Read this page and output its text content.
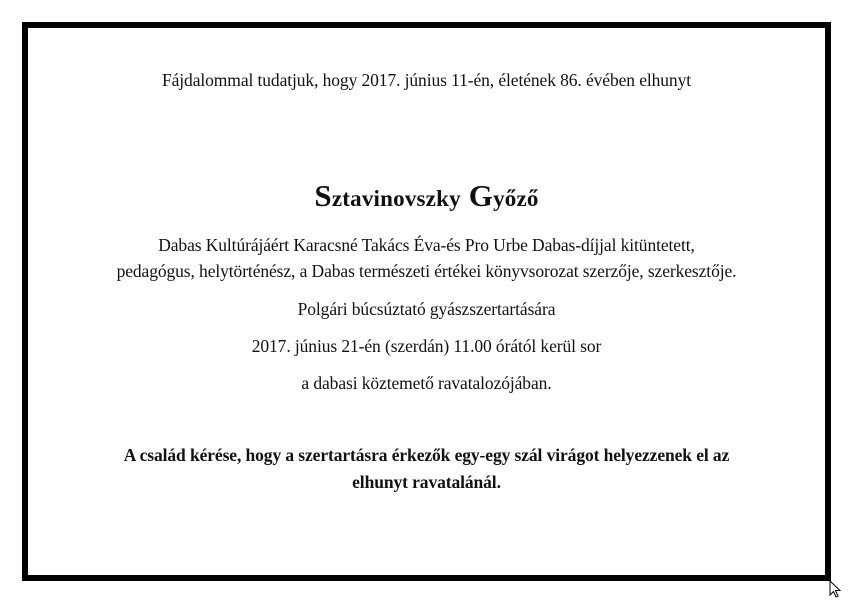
Fájdalommal tudatjuk, hogy 2017. június 11-én, életének 86. évében elhunyt
Sztavinovszky Győző
Dabas Kultúrájáért Karacsné Takács Éva-és Pro Urbe Dabas-díjjal kitüntetett,
pedagógus, helytörténész, a Dabas természeti értékei könyvsorozat szerzője, szerkesztője.
Polgári búcsúztató gyászszertartására
2017. június 21-én (szerdán) 11.00 órától kerül sor
a dabasi köztemető ravatalozójában.
A család kérése, hogy a szertartásra érkezők egy-egy szál virágot helyezzenek el az
elhunyt ravatalánál.
